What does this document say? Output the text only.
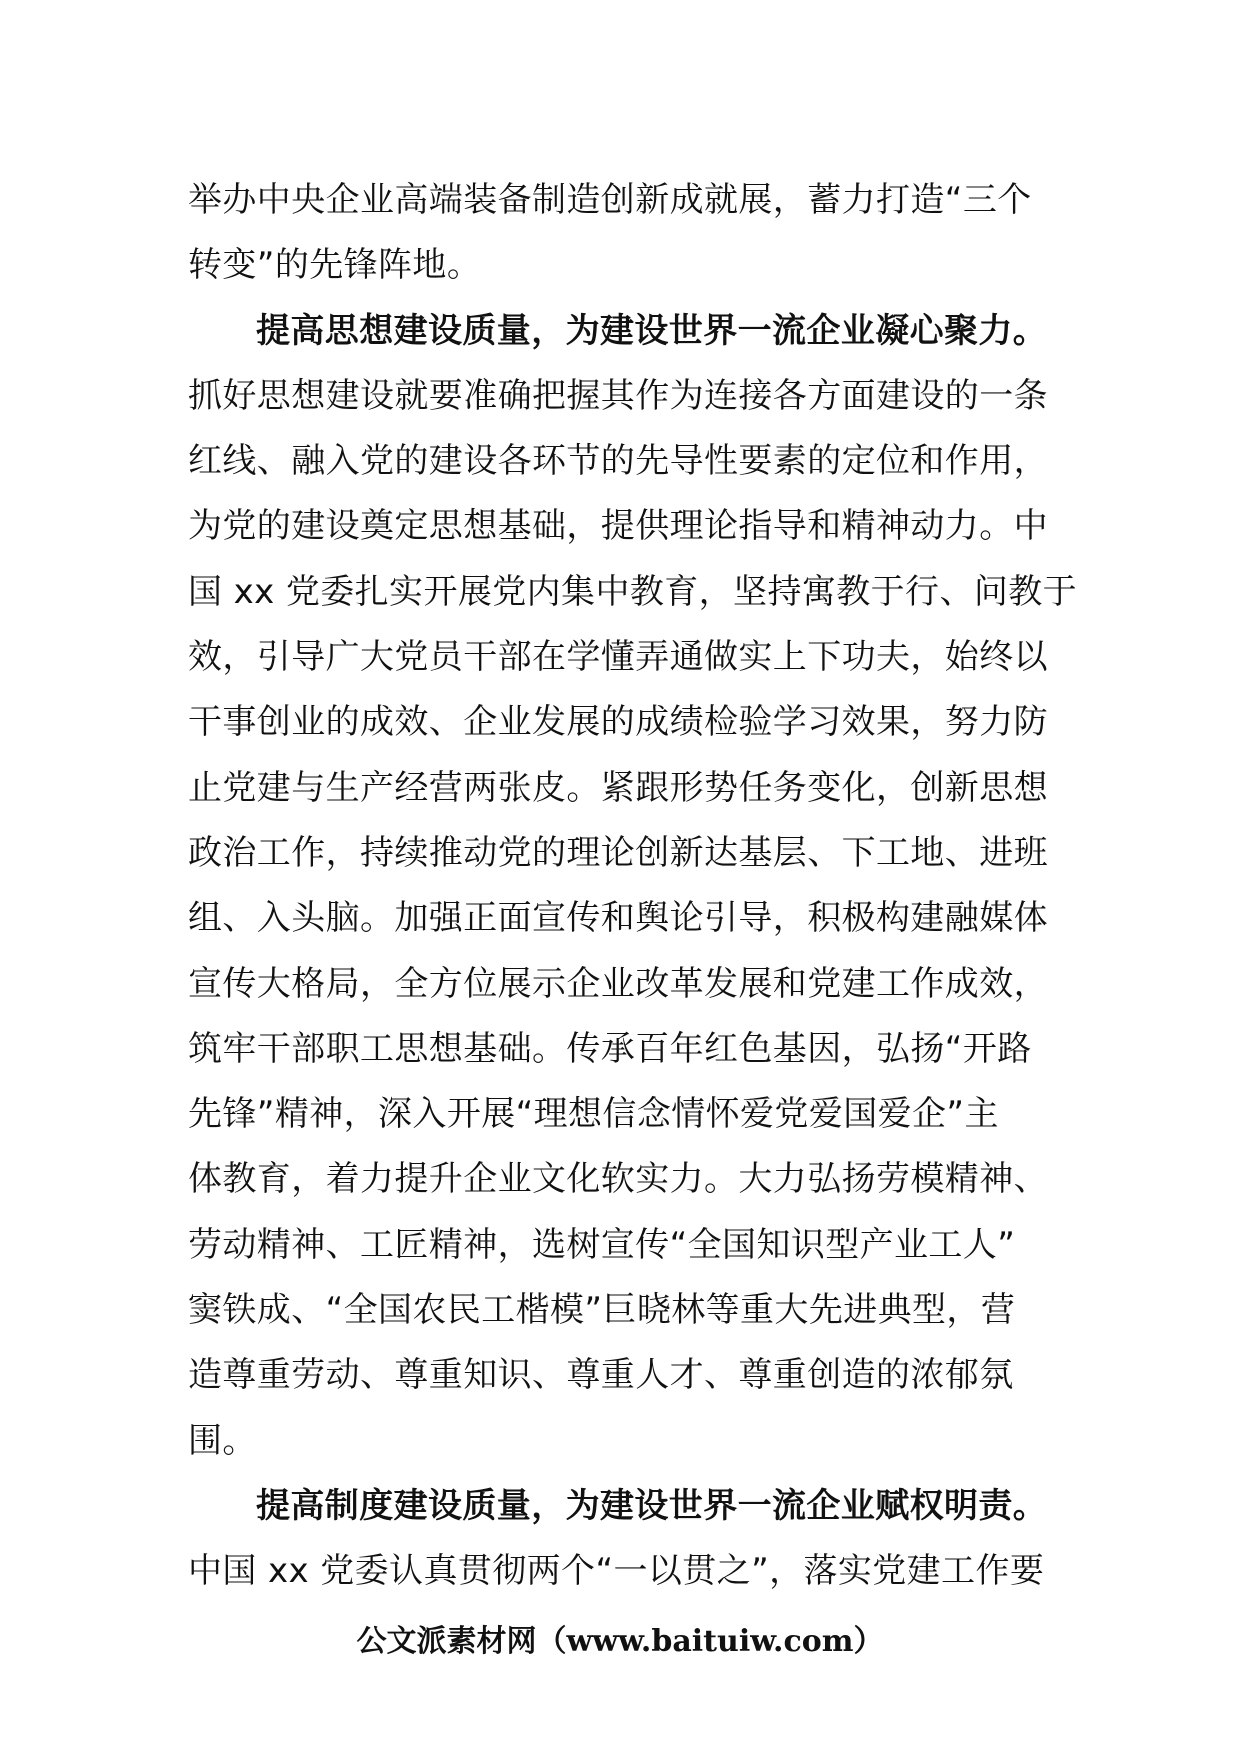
举办中央企业高端装备制造创新成就展，蓄力打造“三个
转变”的先锋阵地。
提高思想建设质量，为建设世界一流企业凝心聚力。
抓好思想建设就要准确把握其作为连接各方面建设的一条
红线、融入党的建设各环节的先导性要素的定位和作用，
为党的建设奠定思想基础，提供理论指导和精神动力。中
国 xx 党委扎实开展党内集中教育，坚持寓教于行、问教于
效，引导广大党员干部在学懂弄通做实上下功夫，始终以
干事创业的成效、企业发展的成绩检验学习效果，努力防
止党建与生产经营两张皮。紧跟形势任务变化，创新思想
政治工作，持续推动党的理论创新达基层、下工地、进班
组、入头脑。加强正面宣传和舆论引导，积极构建融媒体
宣传大格局，全方位展示企业改革发展和党建工作成效，
筑牢干部职工思想基础。传承百年红色基因，弘扬“开路
先锋”精神，深入开展“理想信念情怀爱党爱国爱企”主
体教育，着力提升企业文化软实力。大力弘扬劳模精神、
劳动精神、工匠精神，选树宣传“全国知识型产业工人”
窦铁成、“全国农民工楷模”巨晓林等重大先进典型，营
造尊重劳动、尊重知识、尊重人才、尊重创造的浓郁氛
围。
提高制度建设质量，为建设世界一流企业赋权明责。
中国 xx 党委认真贯彻两个“一以贯之”，落实党建工作要
公文派素材网（www.baituiw.com）
